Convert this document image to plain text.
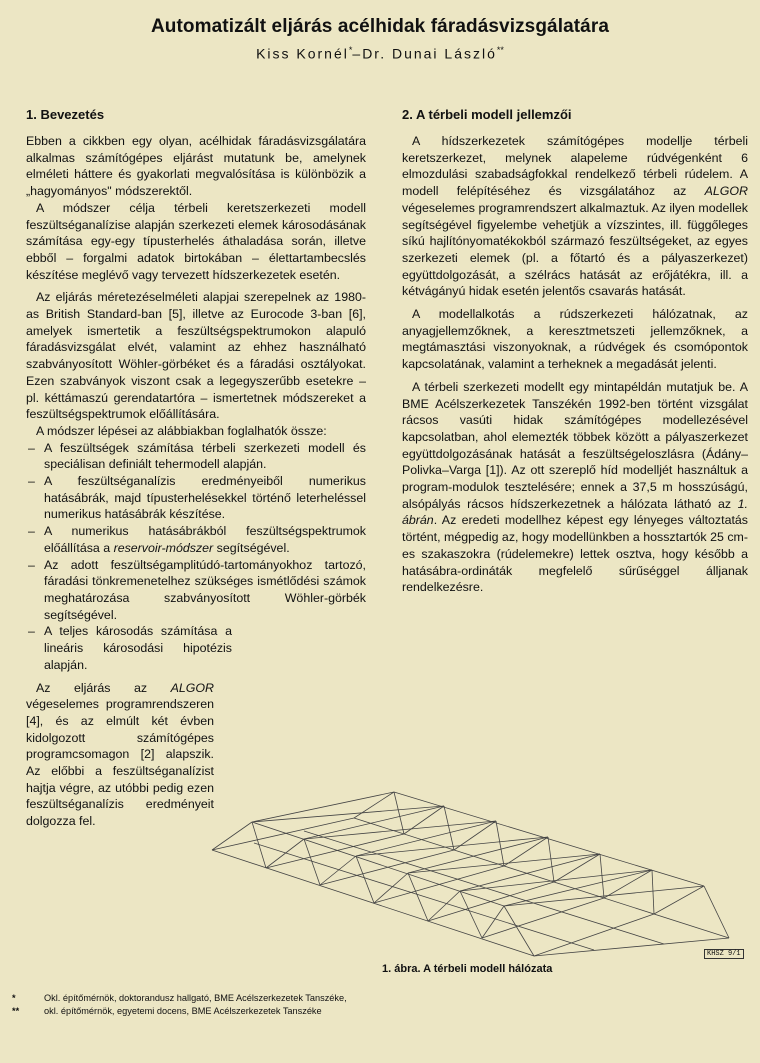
Automatizált eljárás acélhidak fáradásvizsgálatára
Kiss Kornél*–Dr. Dunai László**
1. Bevezetés

Ebben a cikkben egy olyan, acélhidak fáradásvizsgálatára alkalmas számítógépes eljárást mutatunk be, amelynek elméleti háttere és gyakorlati megvalósítása is különbözik a „hagyományos" módszerektől.

A módszer célja térbeli keretszerkezeti modell feszültséganalízise alapján szerkezeti elemek károsodásának számítása egy-egy típusterhelés áthaladása során, illetve ebből – forgalmi adatok birtokában – élettartambecslés készítése meglévő vagy tervezett hídszerkezetek esetén.

Az eljárás méretezéselméleti alapjai szerepelnek az 1980-as British Standard-ban [5], illetve az Eurocode 3-ban [6], amelyek ismertetik a feszültségspektrumokon alapuló fáradásvizsgálat elvét, valamint az ehhez használható szabványosított Wöhler-görbéket és a fáradási osztályokat. Ezen szabványok viszont csak a legegyszerűbb esetekre – pl. kéttámaszú gerendatartóra – ismertetnek módszereket a feszültségspektrumok előállítására.

A módszer lépései az alábbiakban foglalhatók össze:

– A feszültségek számítása térbeli szerkezeti modell és speciálisan definiált tehermodell alapján.
– A feszültséganalízis eredményeiből numerikus hatásábrák, majd típusterhelésekkel történő leterheléssel numerikus hatásábrák készítése.
– A numerikus hatásábrákból feszültségspektrumok előállítása a reservoir-módszer segítségével.
– Az adott feszültségamplitúdó-tartományokhoz tartozó, fáradási tönkremenetelhez szükséges ismétlődési számok meghatározása szabványosított Wöhler-görbék segítségével.
– A teljes károsodás számítása a lineáris károsodási hipotézis alapján.

Az eljárás az ALGOR végeselemes programrendszeren [4], és az elmúlt két évben kidolgozott számítógépes programcsomagon [2] alapszik. Az előbbi a feszültséganalízist hajtja végre, az utóbbi pedig ezen feszültséganalízis eredményeit dolgozza fel.

2. A térbeli modell jellemzői

A hídszerkezetek számítógépes modellje térbeli keretszerkezet, melynek alapeleme rúdvégenként 6 elmozdulási szabadságfokkal rendelkező térbeli rúdelem. A modell felépítéséhez és vizsgálatához az ALGOR végeselemes programrendszert alkalmaztuk. Az ilyen modellek segítségével figyelembe vehetjük a vízszintes, ill. függőleges síkú hajlítónyomatékokból származó feszültségeket, az egyes szerkezeti elemek (pl. a főtartó és a pályaszerkezet) együttdolgozását, a szélrács hatását az erőjátékra, ill. a kétvágányú hidak esetén jelentős csavarás hatását.

A modellalkotás a rúdszerkezeti hálózatnak, az anyagjellemzőknek, a keresztmetszeti jellemzőknek, a megtámasztási viszonyoknak, a rúdvégek és csomópontok kapcsolatának, valamint a terheknek a megadását jelenti.

A térbeli szerkezeti modellt egy mintapéldán mutatjuk be. A BME Acélszerkezetek Tanszékén 1992-ben történt vizsgálat rácsos vasúti hidak számítógépes modellezésével kapcsolatban, ahol elemezték többek között a pályaszerkezet együttdolgozásának hatását a feszültségeloszlásra (Ádány–Polivka–Varga [1]). Az ott szereplő híd modelljét használtuk a program-modulok tesztelésére; ennek a 37,5 m hosszúságú, alsópályás rácsos hídszerkezetnek a hálózata látható az 1. ábrán. Az eredeti modellhez képest egy lényeges változtatás történt, mégpedig az, hogy modellünkben a hossztartók 25 cm-es szakaszokra (rúdelemekre) lettek osztva, hogy később a hatásábra-ordináták megfelelő sűrűséggel álljanak rendelkezésre.

KHSZ 9/1
1. ábra. A térbeli modell hálózata
*	Okl. építőmérnök, doktorandusz hallgató, BME Acélszerkezetek Tanszéke,
**	okl. építőmérnök, egyetemi docens, BME Acélszerkezetek Tanszéke
